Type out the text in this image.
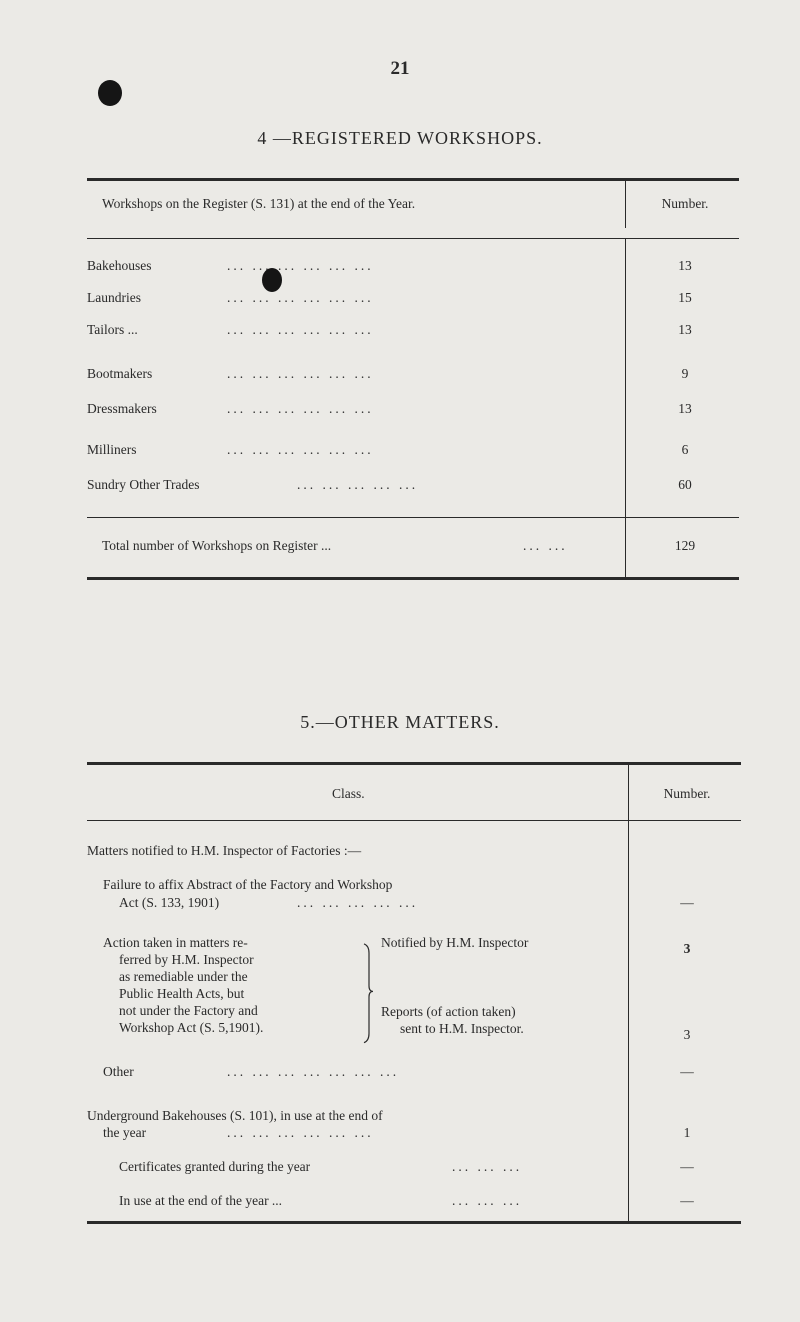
21
4 —REGISTERED WORKSHOPS.
Workshops on the Register (S. 131) at the end of the Year.	Number.
Bakehouses	... ... ... ... ... ...	13
Laundries	... ... ... ... ... ...	15
Tailors ...	... ... ... ... ... ...	13
Bootmakers	... ... ... ... ... ...	9
Dressmakers	... ... ... ... ... ...	13
Milliners	... ... ... ... ... ...	6
Sundry Other Trades	... ... ... ... ...	60
Total number of Workshops on Register ...	... ...	129
5.—OTHER MATTERS.
Class.	Number.
Matters notified to H.M. Inspector of Factories :—
Failure to affix Abstract of the Factory and Workshop
Act (S. 133, 1901)	... ... ... ... ...	—
Action taken in matters re-
ferred by H.M. Inspector
as remediable under the
Public Health Acts, but
not under the Factory and
Workshop Act (S. 5,1901).
Notified by H.M. Inspector	3
Reports (of action taken)
sent to H.M. Inspector.	3
Other	... ... ... ... ... ... ...	—
Underground Bakehouses (S. 101), in use at the end of
the year	... ... ... ... ... ...	1
Certificates granted during the year	... ... ...	—
In use at the end of the year ...	... ... ...	—
